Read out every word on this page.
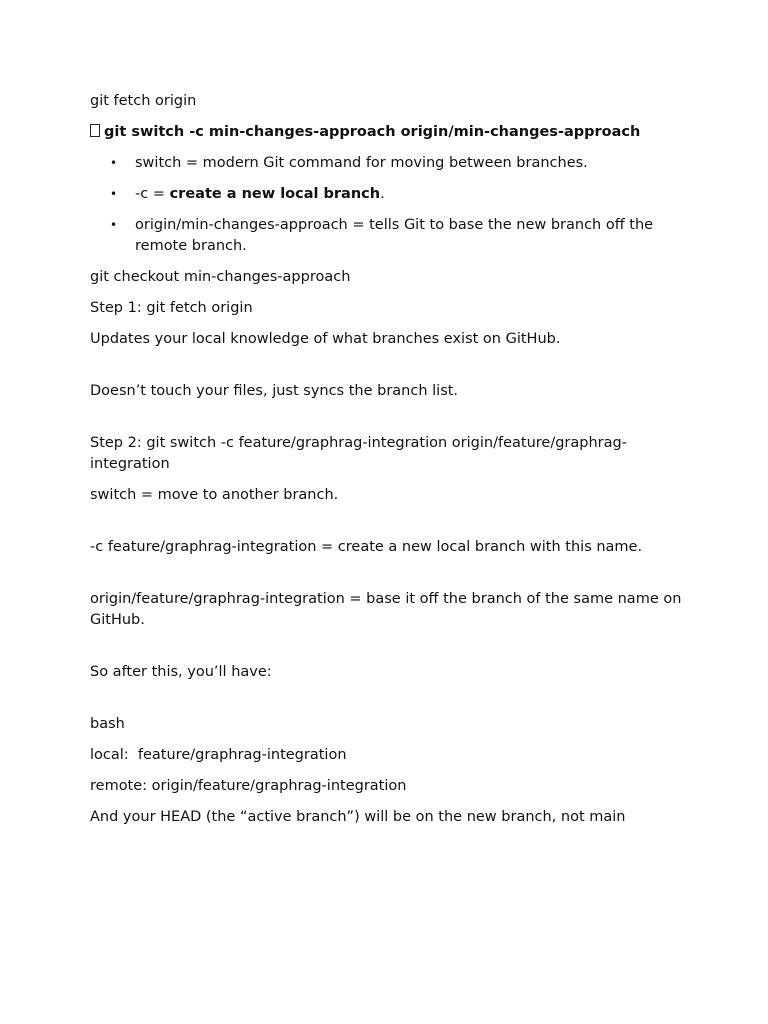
git fetch origin

git switch -c min-changes-approach origin/min-changes-approach

• switch = modern Git command for moving between branches.
• -c = create a new local branch.
• origin/min-changes-approach = tells Git to base the new branch off the remote branch.

git checkout min-changes-approach

Step 1: git fetch origin

Updates your local knowledge of what branches exist on GitHub.

Doesn’t touch your files, just syncs the branch list.

Step 2: git switch -c feature/graphrag-integration origin/feature/graphrag-integration

switch = move to another branch.

-c feature/graphrag-integration = create a new local branch with this name.

origin/feature/graphrag-integration = base it off the branch of the same name on GitHub.

So after this, you’ll have:

bash

local:  feature/graphrag-integration

remote: origin/feature/graphrag-integration

And your HEAD (the “active branch”) will be on the new branch, not main
